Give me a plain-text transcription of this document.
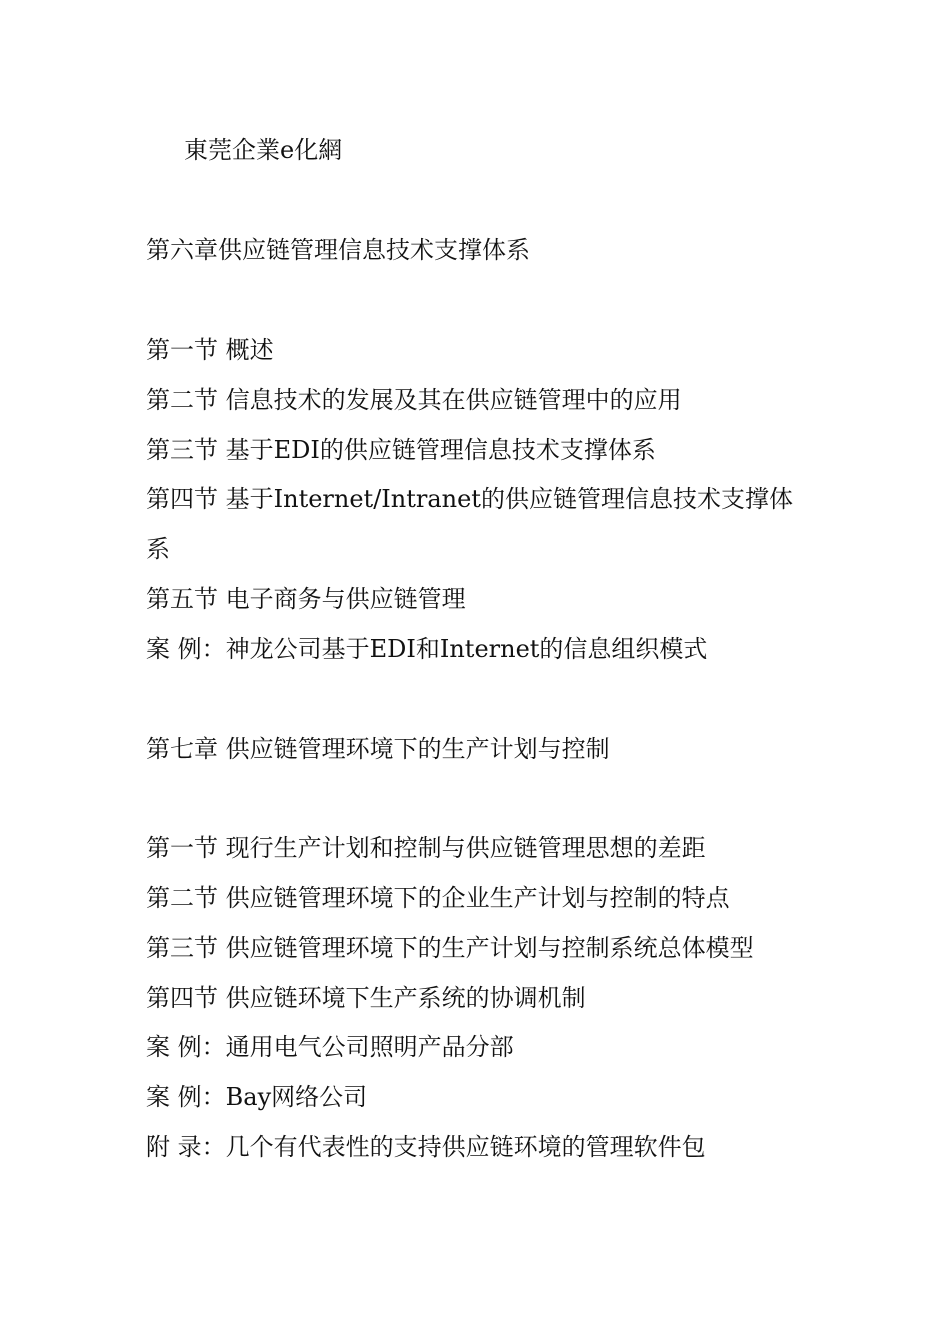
東莞企業e化網
第六章供应链管理信息技术支撑体系
第一节 概述
第二节 信息技术的发展及其在供应链管理中的应用
第三节 基于EDI的供应链管理信息技术支撑体系
第四节 基于Internet/Intranet的供应链管理信息技术支撑体
系
第五节 电子商务与供应链管理
案 例：神龙公司基于EDI和Internet的信息组织模式
第七章 供应链管理环境下的生产计划与控制
第一节 现行生产计划和控制与供应链管理思想的差距
第二节 供应链管理环境下的企业生产计划与控制的特点
第三节 供应链管理环境下的生产计划与控制系统总体模型
第四节 供应链环境下生产系统的协调机制
案 例：通用电气公司照明产品分部
案 例：Bay网络公司
附 录：几个有代表性的支持供应链环境的管理软件包
